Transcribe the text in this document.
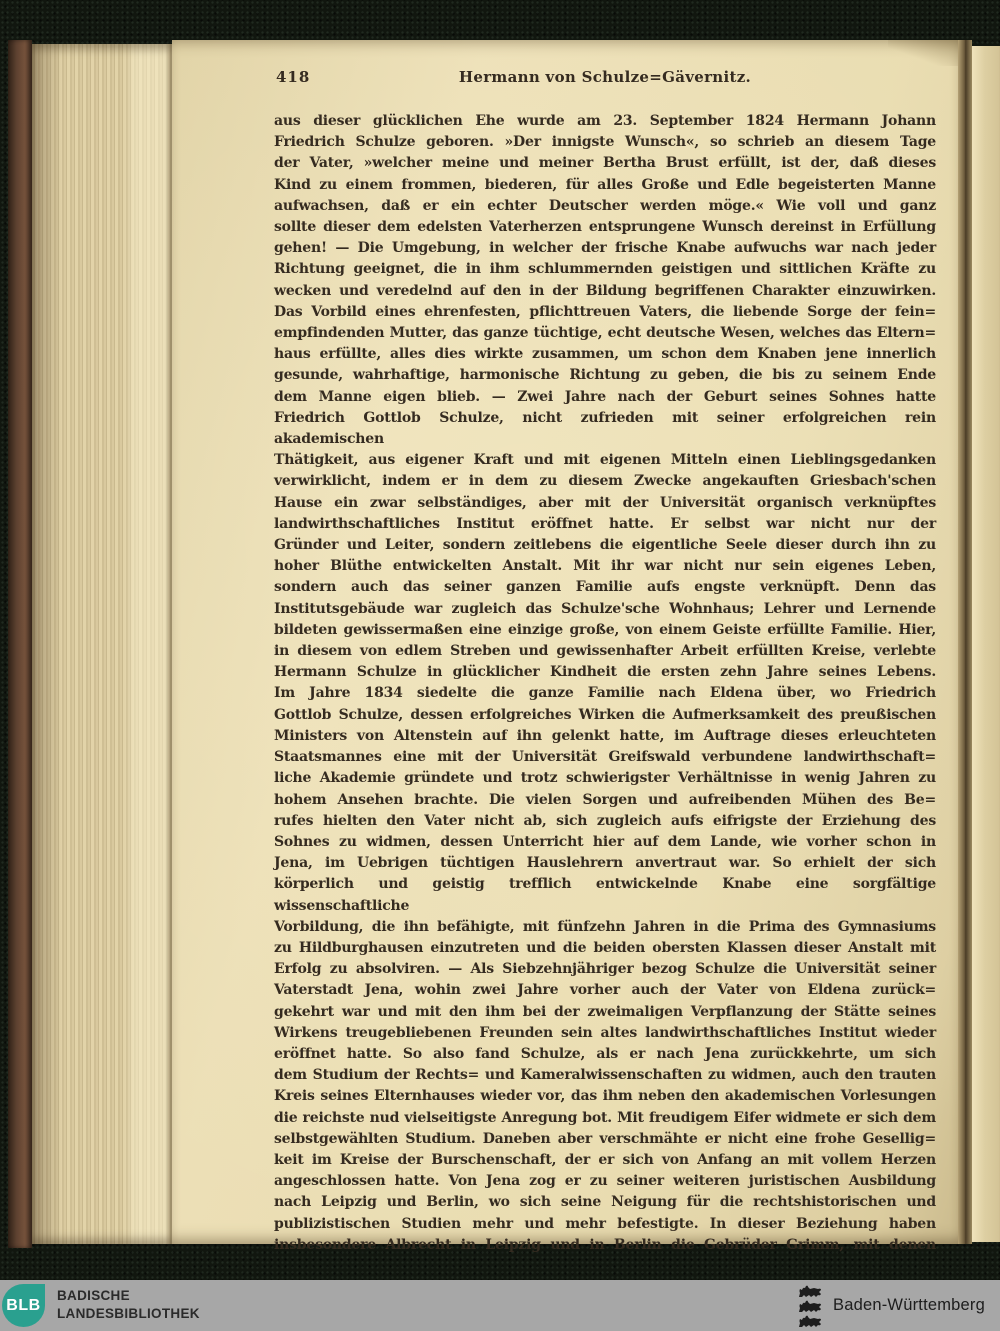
418	Hermann von Schulze=Gävernitz.
aus dieser glücklichen Ehe wurde am 23. September 1824 Hermann Johann
Friedrich Schulze geboren. »Der innigste Wunsch«, so schrieb an diesem Tage
der Vater, »welcher meine und meiner Bertha Brust erfüllt, ist der, daß dieses
Kind zu einem frommen, biederen, für alles Große und Edle begeisterten Manne
aufwachsen, daß er ein echter Deutscher werden möge.« Wie voll und ganz
sollte dieser dem edelsten Vaterherzen entsprungene Wunsch dereinst in Erfüllung
gehen! — Die Umgebung, in welcher der frische Knabe aufwuchs war nach jeder
Richtung geeignet, die in ihm schlummernden geistigen und sittlichen Kräfte zu
wecken und veredelnd auf den in der Bildung begriffenen Charakter einzuwirken.
Das Vorbild eines ehrenfesten, pflichttreuen Vaters, die liebende Sorge der fein=
empfindenden Mutter, das ganze tüchtige, echt deutsche Wesen, welches das Eltern=
haus erfüllte, alles dies wirkte zusammen, um schon dem Knaben jene innerlich
gesunde, wahrhaftige, harmonische Richtung zu geben, die bis zu seinem Ende
dem Manne eigen blieb. — Zwei Jahre nach der Geburt seines Sohnes hatte
Friedrich Gottlob Schulze, nicht zufrieden mit seiner erfolgreichen rein akademischen
Thätigkeit, aus eigener Kraft und mit eigenen Mitteln einen Lieblingsgedanken
verwirklicht, indem er in dem zu diesem Zwecke angekauften Griesbach'schen
Hause ein zwar selbständiges, aber mit der Universität organisch verknüpftes
landwirthschaftliches Institut eröffnet hatte. Er selbst war nicht nur der
Gründer und Leiter, sondern zeitlebens die eigentliche Seele dieser durch ihn zu
hoher Blüthe entwickelten Anstalt. Mit ihr war nicht nur sein eigenes Leben,
sondern auch das seiner ganzen Familie aufs engste verknüpft. Denn das
Institutsgebäude war zugleich das Schulze'sche Wohnhaus; Lehrer und Lernende
bildeten gewissermaßen eine einzige große, von einem Geiste erfüllte Familie. Hier,
in diesem von edlem Streben und gewissenhafter Arbeit erfüllten Kreise, verlebte
Hermann Schulze in glücklicher Kindheit die ersten zehn Jahre seines Lebens.
Im Jahre 1834 siedelte die ganze Familie nach Eldena über, wo Friedrich
Gottlob Schulze, dessen erfolgreiches Wirken die Aufmerksamkeit des preußischen
Ministers von Altenstein auf ihn gelenkt hatte, im Auftrage dieses erleuchteten
Staatsmannes eine mit der Universität Greifswald verbundene landwirthschaft=
liche Akademie gründete und trotz schwierigster Verhältnisse in wenig Jahren zu
hohem Ansehen brachte. Die vielen Sorgen und aufreibenden Mühen des Be=
rufes hielten den Vater nicht ab, sich zugleich aufs eifrigste der Erziehung des
Sohnes zu widmen, dessen Unterricht hier auf dem Lande, wie vorher schon in
Jena, im Uebrigen tüchtigen Hauslehrern anvertraut war. So erhielt der sich
körperlich und geistig trefflich entwickelnde Knabe eine sorgfältige wissenschaftliche
Vorbildung, die ihn befähigte, mit fünfzehn Jahren in die Prima des Gymnasiums
zu Hildburghausen einzutreten und die beiden obersten Klassen dieser Anstalt mit
Erfolg zu absolviren. — Als Siebzehnjähriger bezog Schulze die Universität seiner
Vaterstadt Jena, wohin zwei Jahre vorher auch der Vater von Eldena zurück=
gekehrt war und mit den ihm bei der zweimaligen Verpflanzung der Stätte seines
Wirkens treugebliebenen Freunden sein altes landwirthschaftliches Institut wieder
eröffnet hatte. So also fand Schulze, als er nach Jena zurückkehrte, um sich
dem Studium der Rechts= und Kameralwissenschaften zu widmen, auch den trauten
Kreis seines Elternhauses wieder vor, das ihm neben den akademischen Vorlesungen
die reichste nud vielseitigste Anregung bot. Mit freudigem Eifer widmete er sich dem
selbstgewählten Studium. Daneben aber verschmähte er nicht eine frohe Gesellig=
keit im Kreise der Burschenschaft, der er sich von Anfang an mit vollem Herzen
angeschlossen hatte. Von Jena zog er zu seiner weiteren juristischen Ausbildung
nach Leipzig und Berlin, wo sich seine Neigung für die rechtshistorischen und
publizistischen Studien mehr und mehr befestigte. In dieser Beziehung haben
insbesondere Albrecht in Leipzig und in Berlin die Gebrüder Grimm, mit denen
BLB
BADISCHE
LANDESBIBLIOTHEK	Baden-Württemberg
